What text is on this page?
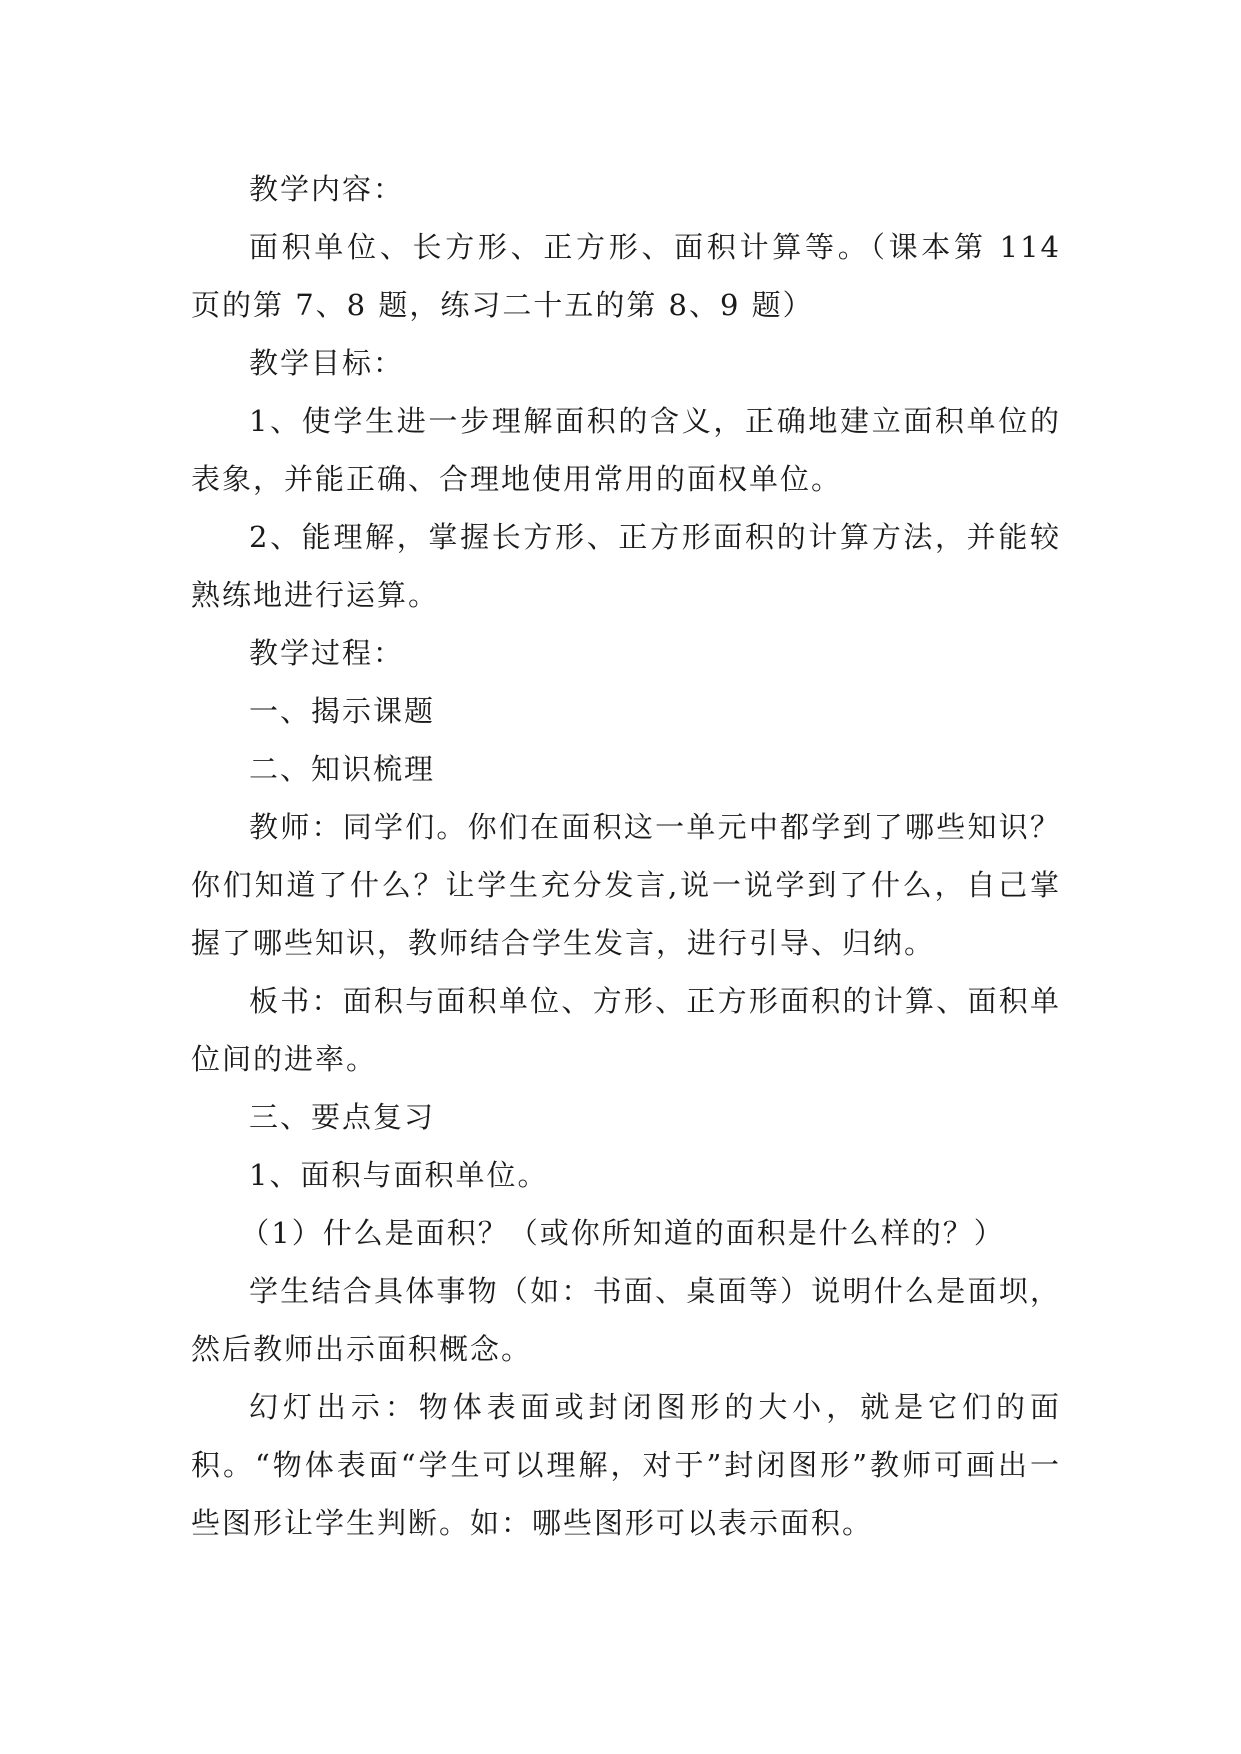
教学内容：

面积单位、长方形、正方形、面积计算等。（课本第 114 页的第 7、8 题，练习二十五的第 8、9 题）

教学目标：

1、使学生进一步理解面积的含义，正确地建立面积单位的表象，并能正确、合理地使用常用的面权单位。

2、能理解，掌握长方形、正方形面积的计算方法，并能较熟练地进行运算。

教学过程：

一、揭示课题

二、知识梳理

教师：同学们。你们在面积这一单元中都学到了哪些知识？你们知道了什么？让学生充分发言,说一说学到了什么，自己掌握了哪些知识，教师结合学生发言，进行引导、归纳。

板书：面积与面积单位、方形、正方形面积的计算、面积单位间的进率。

三、要点复习

1、面积与面积单位。

（1）什么是面积？（或你所知道的面积是什么样的？）

学生结合具体事物（如：书面、桌面等）说明什么是面坝，然后教师出示面积概念。

幻灯出示：物体表面或封闭图形的大小，就是它们的面积。“物体表面“学生可以理解，对于”封闭图形”教师可画出一些图形让学生判断。如：哪些图形可以表示面积。
